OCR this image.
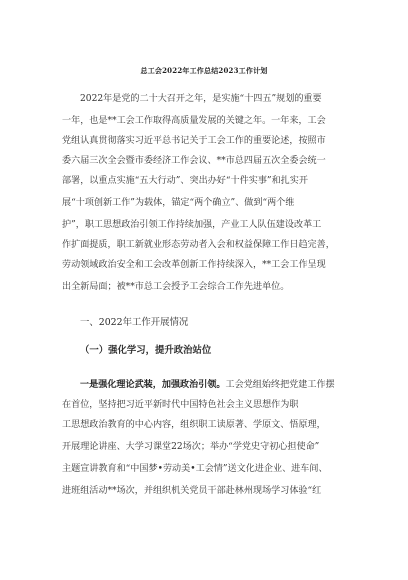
总工会2022年工作总结2023工作计划
2022年是党的二十大召开之年，是实施“十四五”规划的重要
一年，也是**工会工作取得高质量发展的关键之年。一年来，工会
党组认真贯彻落实习近平总书记关于工会工作的重要论述，按照市
委六届三次全会暨市委经济工作会议、**市总四届五次全委会统一
部署，以重点实施“五大行动”、突出办好“十件实事”和扎实开
展“十项创新工作”为载体，锚定“两个确立”、做到“两个维
护”，职工思想政治引领工作持续加强，产业工人队伍建设改革工
作扩面提质，职工新就业形态劳动者入会和权益保障工作日趋完善，
劳动领域政治安全和工会改革创新工作持续深入，**工会工作呈现
出全新局面；被**市总工会授予工会综合工作先进单位。
一、2022年工作开展情况
（一）强化学习，提升政治站位
一是强化理论武装，加强政治引领。工会党组始终把党建工作摆
在首位，坚持把习近平新时代中国特色社会主义思想作为职
工思想政治教育的中心内容，组织职工读原著、学原文、悟原理，
开展理论讲座、大学习课堂22场次；举办“学党史守初心担使命”
主题宣讲教育和“中国梦•劳动美•工会情”送文化进企业、进车间、
进班组活动**场次，并组织机关党员干部赴林州现场学习体验“红
